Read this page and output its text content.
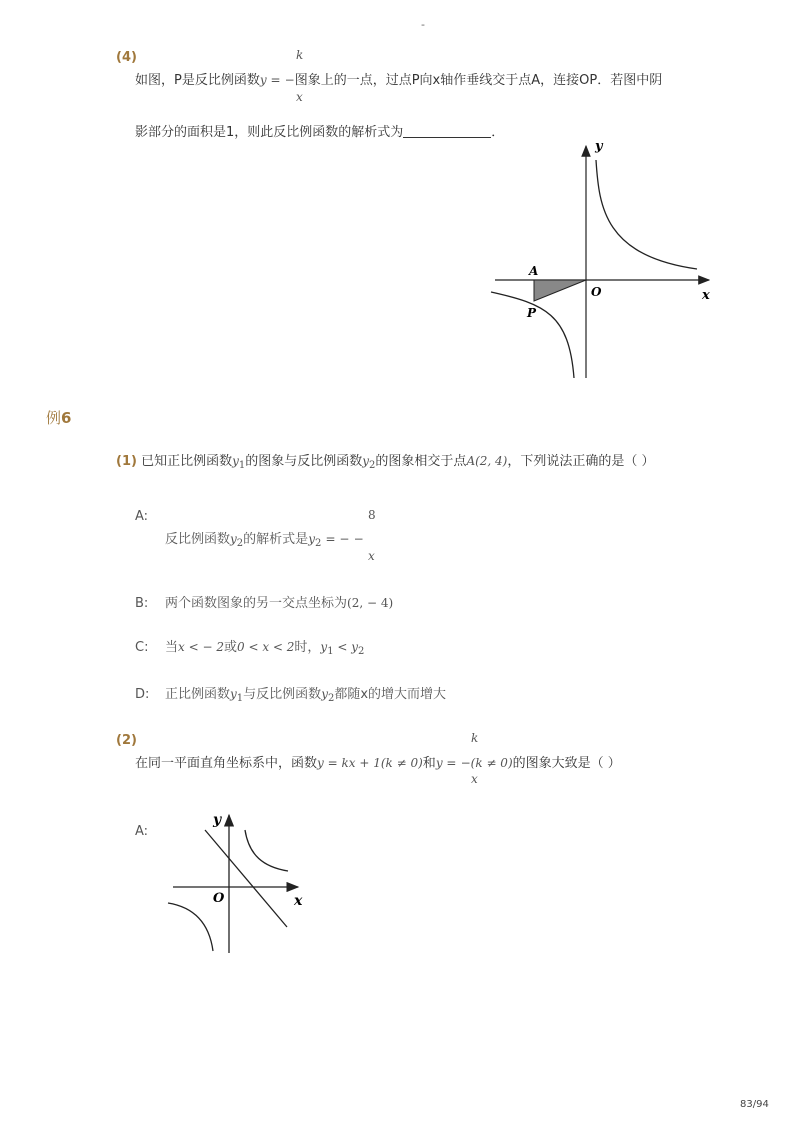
-
(4)	k
x
如图，P是反比例函数y = −图象上的一点，过点P向x轴作垂线交于点A，连接OP．若图中阴
影部分的面积是1，则此反比例函数的解析式为	．
y
x
O
A
P
例6
(1) 已知正比例函数$y_1$的图象与反比例函数$y_2$的图象相交于点A(2, 4)，下列说法正确的是（ ）
A:	8
x
反比例函数$y_2$的解析式是$y_2$ = − −
B: 两个函数图象的另一交点坐标为(2, − 4)
C: 当x < − 2或0 < x < 2时，$y_1 < y_2$
D: 正比例函数$y_1$与反比例函数$y_2$都随x的增大而增大
(2)	k
x
在同一平面直角坐标系中，函数y = kx + 1(k ≠ 0)和y = −(k ≠ 0)的图象大致是（ ）
A:
y
x
O
83/94
